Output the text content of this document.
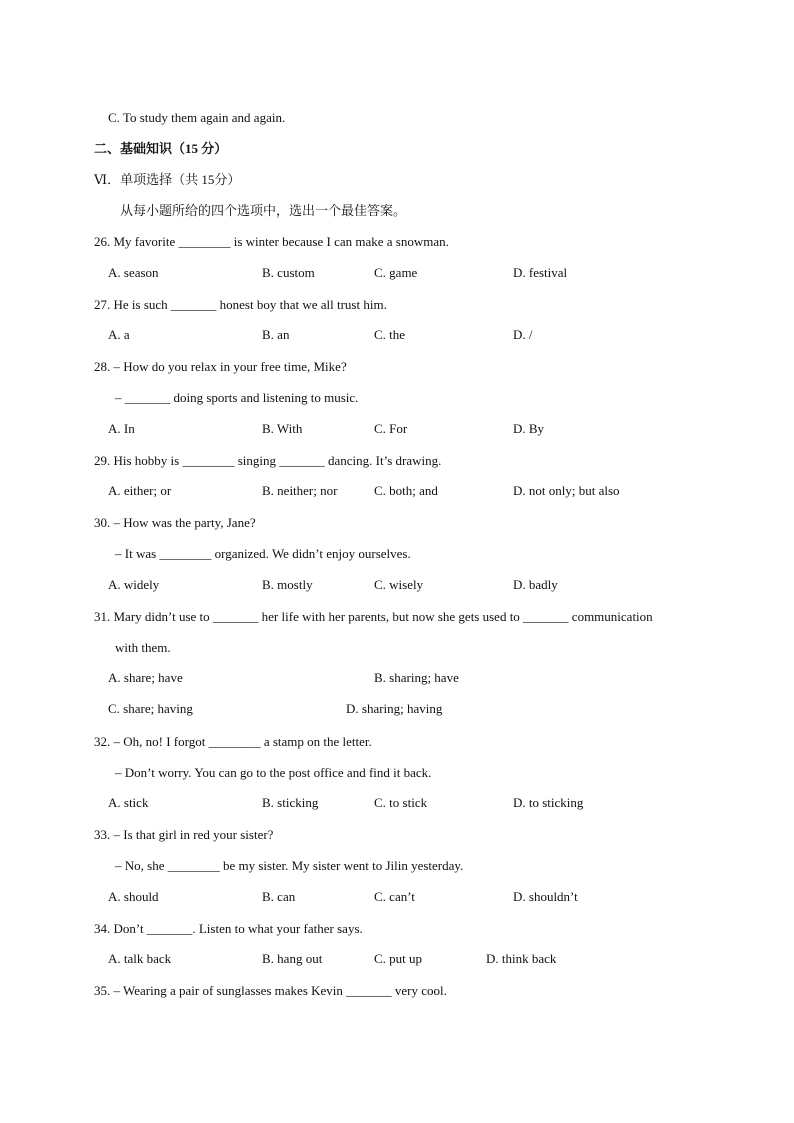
C. To study them again and again.
二、基础知识（15 分）
Ⅵ．单项选择（共 15分）
从每小题所给的四个选项中，选出一个最佳答案。
26. My favorite ________ is winter because I can make a snowman.
A. season	B. custom	C. game	D. festival
27. He is such _______ honest boy that we all trust him.
A. a	B. an	C. the	D. /
28. – How do you relax in your free time, Mike?
– _______ doing sports and listening to music.
A. In	B. With	C. For	D. By
29. His hobby is ________ singing _______ dancing. It’s drawing.
A. either; or	B. neither; nor	C. both; and	D. not only; but also
30. – How was the party, Jane?
– It was ________ organized. We didn’t enjoy ourselves.
A. widely	B. mostly	C. wisely	D. badly
31. Mary didn’t use to _______ her life with her parents, but now she gets used to _______ communication
with them.
A. share; have	B. sharing; have
C. share; having	D. sharing; having
32. – Oh, no! I forgot ________ a stamp on the letter.
– Don’t worry. You can go to the post office and find it back.
A. stick	B. sticking	C. to stick	D. to sticking
33. – Is that girl in red your sister?
– No, she ________ be my sister. My sister went to Jilin yesterday.
A. should	B. can	C. can’t	D. shouldn’t
34. Don’t _______. Listen to what your father says.
A. talk back	B. hang out	C. put up	D. think back
35. – Wearing a pair of sunglasses makes Kevin _______ very cool.
